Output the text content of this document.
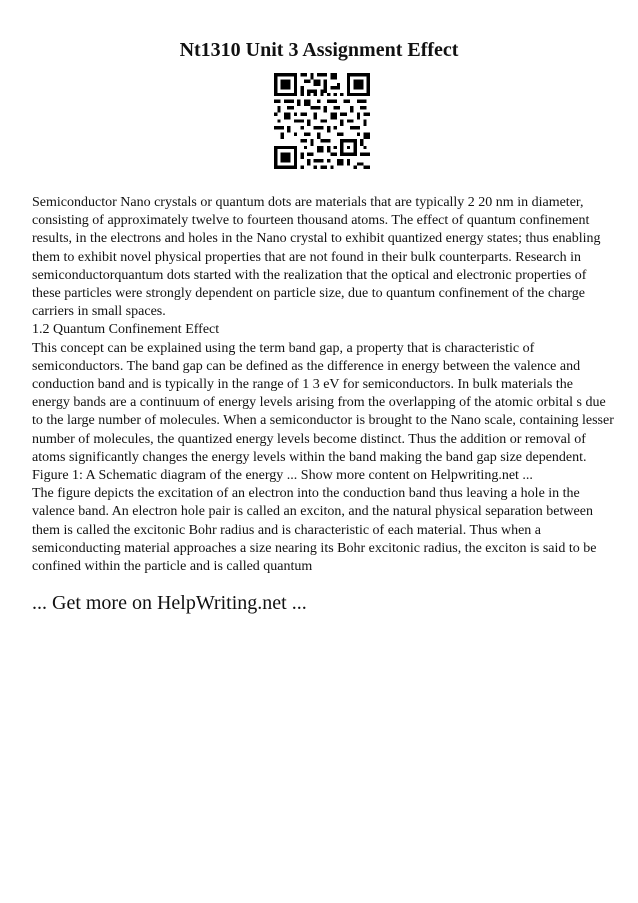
Nt1310 Unit 3 Assignment Effect

Semiconductor Nano crystals or quantum dots are materials that are typically 2 20 nm in diameter, consisting of approximately twelve to fourteen thousand atoms. The effect of quantum confinement results, in the electrons and holes in the Nano crystal to exhibit quantized energy states; thus enabling them to exhibit novel physical properties that are not found in their bulk counterparts. Research in semiconductorquantum dots started with the realization that the optical and electronic properties of these particles were strongly dependent on particle size, due to quantum confinement of the charge carriers in small spaces.

1.2 Quantum Confinement Effect

This concept can be explained using the term band gap, a property that is characteristic of semiconductors. The band gap can be defined as the difference in energy between the valence and conduction band and is typically in the range of 1 3 eV for semiconductors. In bulk materials the energy bands are a continuum of energy levels arising from the overlapping of the atomic orbital s due to the large number of molecules. When a semiconductor is brought to the Nano scale, containing lesser number of molecules, the quantized energy levels become distinct. Thus the addition or removal of atoms significantly changes the energy levels within the band making the band gap size dependent. Figure 1: A Schematic diagram of the energy ... Show more content on Helpwriting.net ...

The figure depicts the excitation of an electron into the conduction band thus leaving a hole in the valence band. An electron hole pair is called an exciton, and the natural physical separation between them is called the excitonic Bohr radius and is characteristic of each material. Thus when a semiconducting material approaches a size nearing its Bohr excitonic radius, the exciton is said to be confined within the particle and is called quantum

... Get more on HelpWriting.net ...
